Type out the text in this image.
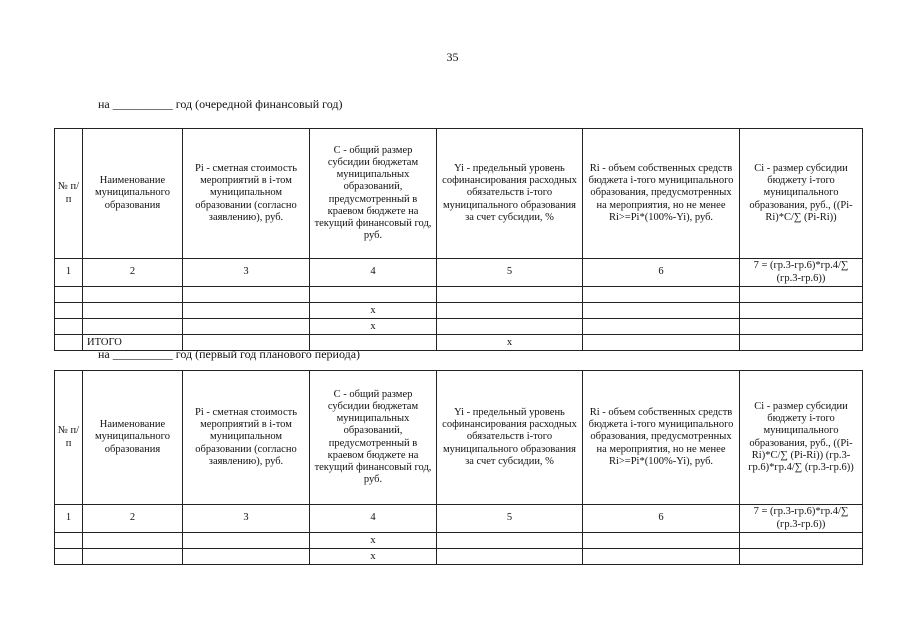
35
на __________ год (очередной финансовый год)
№ п/п	Наименование муниципального образования	Pi - сметная стоимость мероприятий в i-том муниципальном образовании (согласно заявлению), руб.	C - общий размер субсидии бюджетам муниципальных образований, предусмотренный в краевом бюджете на текущий финансовый год, руб.	Yi - предельный уровень софинансирования расходных обязательств i-того муниципального образования за счет субсидии, %	Ri - объем собственных средств бюджета i-того муниципального образования, предусмотренных на мероприятия, но не менее Ri>=Pi*(100%-Yi), руб.	Ci - размер субсидии бюджету i-того муниципального образования, руб., ((Pi-Ri)*C/∑ (Pi-Ri))
1	2	3	4	5	6	7 = (гр.3-гр.6)*гр.4/∑ (гр.3-гр.6))

			x			
			x			
	ИТОГО			x		
на __________ год (первый год планового периода)
№ п/п	Наименование муниципального образования	Pi - сметная стоимость мероприятий в i-том муниципальном образовании (согласно заявлению), руб.	C - общий размер субсидии бюджетам муниципальных образований, предусмотренный в краевом бюджете на текущий финансовый год, руб.	Yi - предельный уровень софинансирования расходных обязательств i-того муниципального образования за счет субсидии, %	Ri - объем собственных средств бюджета i-того муниципального образования, предусмотренных на мероприятия, но не менее Ri>=Pi*(100%-Yi), руб.	Ci - размер субсидии бюджету i-того муниципального образования, руб., ((Pi-Ri)*C/∑ (Pi-Ri)) (гр.3-гр.6)*гр.4/∑ (гр.3-гр.6))
1	2	3	4	5	6	7 = (гр.3-гр.6)*гр.4/∑ (гр.3-гр.6))
			x			
			x			
